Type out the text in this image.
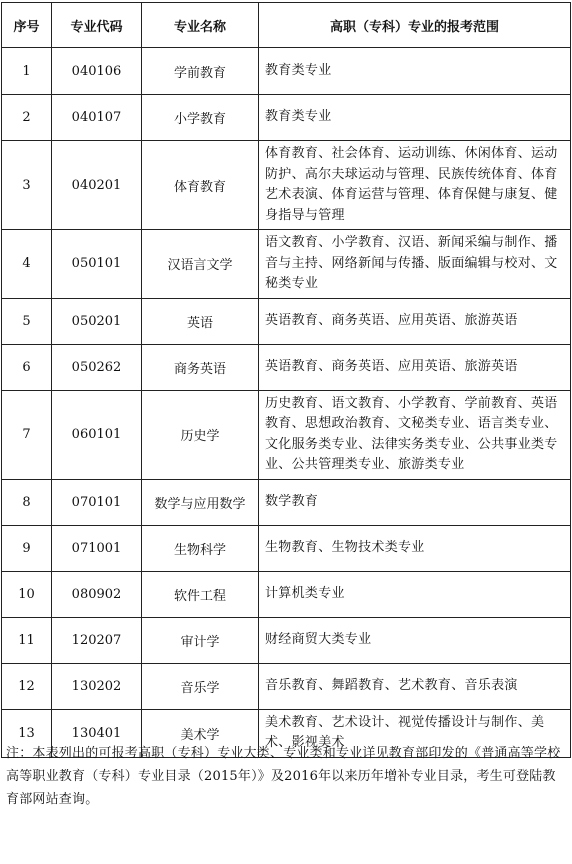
序号	专业代码	专业名称	高职（专科）专业的报考范围
1	040106	学前教育	教育类专业
2	040107	小学教育	教育类专业
3	040201	体育教育	体育教育、社会体育、运动训练、休闲体育、运动防护、高尔夫球运动与管理、民族传统体育、体育艺术表演、体育运营与管理、体育保健与康复、健身指导与管理
4	050101	汉语言文学	语文教育、小学教育、汉语、新闻采编与制作、播音与主持、网络新闻与传播、版面编辑与校对、文秘类专业
5	050201	英语	英语教育、商务英语、应用英语、旅游英语
6	050262	商务英语	英语教育、商务英语、应用英语、旅游英语
7	060101	历史学	历史教育、语文教育、小学教育、学前教育、英语教育、思想政治教育、文秘类专业、语言类专业、文化服务类专业、法律实务类专业、公共事业类专业、公共管理类专业、旅游类专业
8	070101	数学与应用数学	数学教育
9	071001	生物科学	生物教育、生物技术类专业
10	080902	软件工程	计算机类专业
11	120207	审计学	财经商贸大类专业
12	130202	音乐学	音乐教育、舞蹈教育、艺术教育、音乐表演
13	130401	美术学	美术教育、艺术设计、视觉传播设计与制作、美术、影视美术
注：本表列出的可报考高职（专科）专业大类、专业类和专业详见教育部印发的《普通高等学校高等职业教育（专科）专业目录（2015年）》及2016年以来历年增补专业目录，考生可登陆教育部网站查询。
